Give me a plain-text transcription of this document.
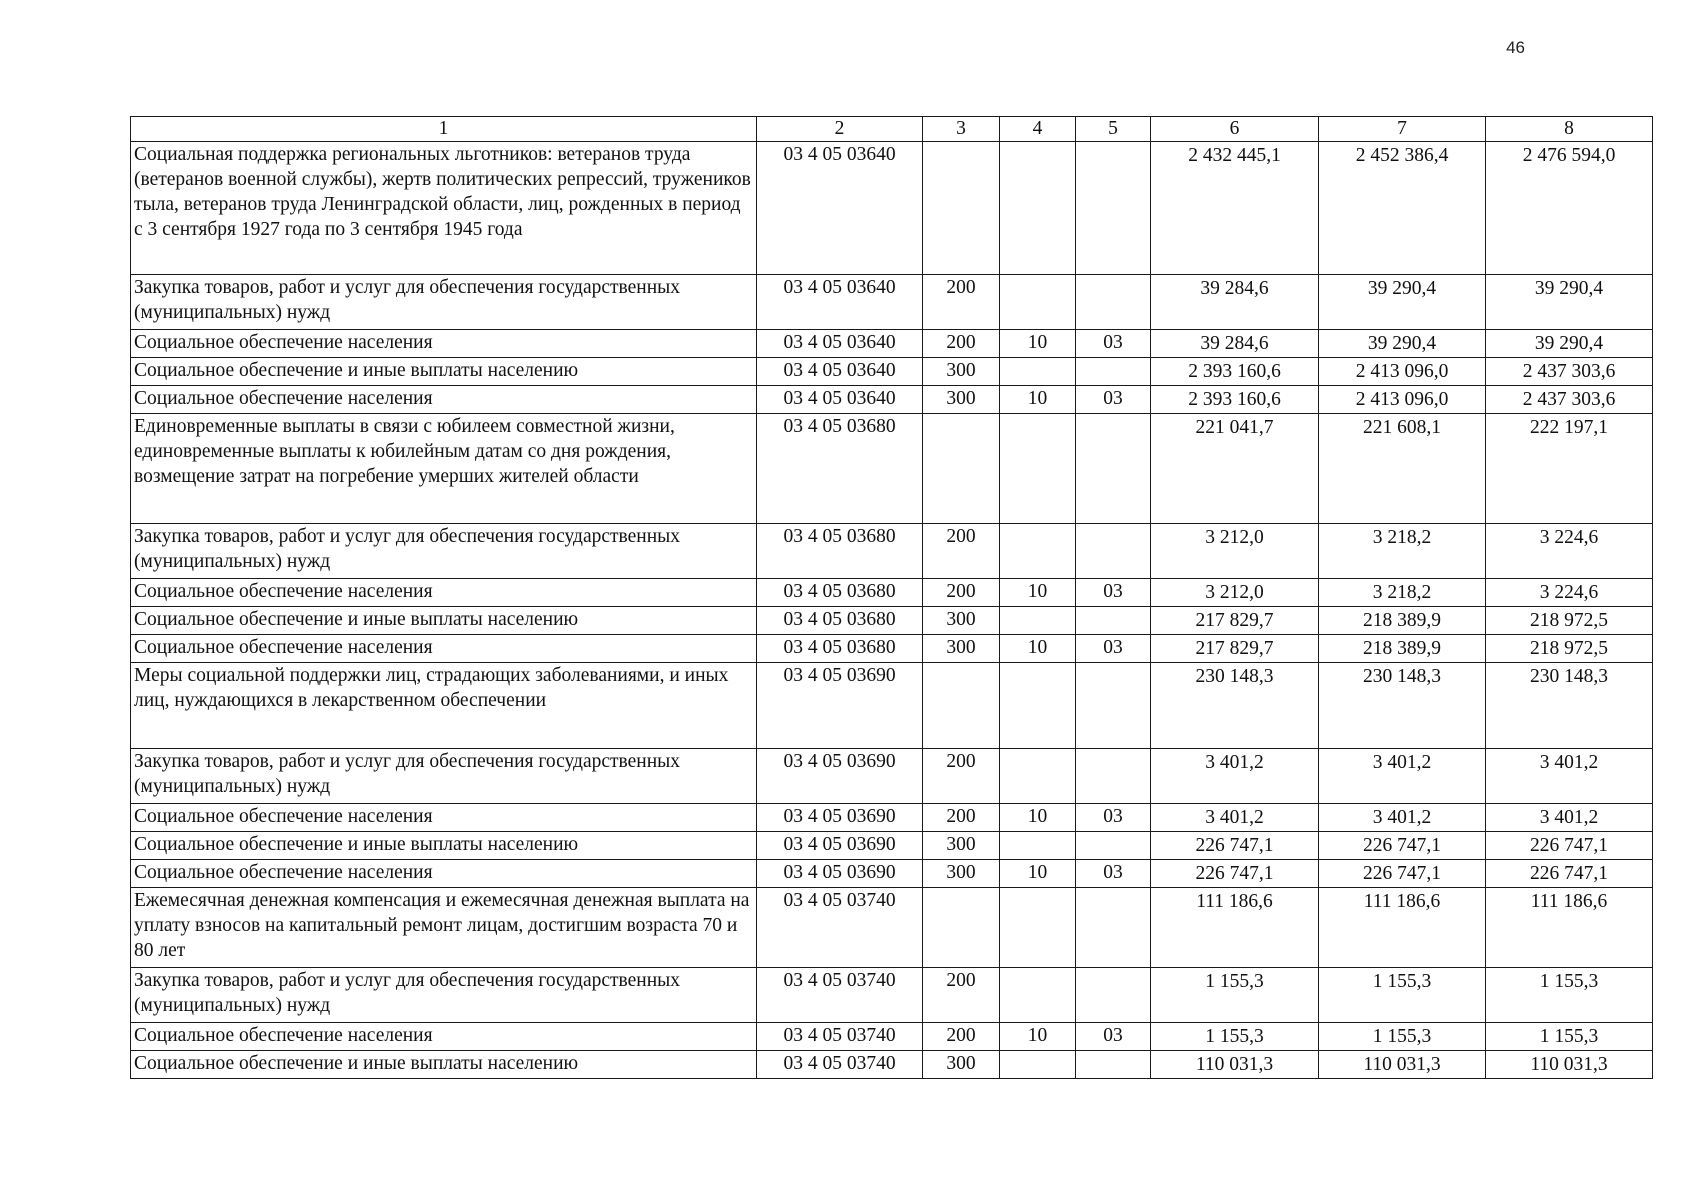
46
1	2	3	4	5	6	7	8
Социальная поддержка региональных льготников: ветеранов труда (ветеранов военной службы), жертв политических репрессий, тружеников тыла, ветеранов труда Ленинградской области, лиц, рожденных в период с 3 сентября 1927 года по 3 сентября 1945 года	03 4 05 03640				2 432 445,1	2 452 386,4	2 476 594,0
Закупка товаров, работ и услуг для обеспечения государственных (муниципальных) нужд	03 4 05 03640	200			39 284,6	39 290,4	39 290,4
Социальное обеспечение населения	03 4 05 03640	200	10	03	39 284,6	39 290,4	39 290,4
Социальное обеспечение и иные выплаты населению	03 4 05 03640	300			2 393 160,6	2 413 096,0	2 437 303,6
Социальное обеспечение населения	03 4 05 03640	300	10	03	2 393 160,6	2 413 096,0	2 437 303,6
Единовременные выплаты в связи с юбилеем совместной жизни, единовременные выплаты к юбилейным датам со дня рождения, возмещение затрат на погребение умерших жителей области	03 4 05 03680				221 041,7	221 608,1	222 197,1
Закупка товаров, работ и услуг для обеспечения государственных (муниципальных) нужд	03 4 05 03680	200			3 212,0	3 218,2	3 224,6
Социальное обеспечение населения	03 4 05 03680	200	10	03	3 212,0	3 218,2	3 224,6
Социальное обеспечение и иные выплаты населению	03 4 05 03680	300			217 829,7	218 389,9	218 972,5
Социальное обеспечение населения	03 4 05 03680	300	10	03	217 829,7	218 389,9	218 972,5
Меры социальной поддержки лиц, страдающих заболеваниями, и иных лиц, нуждающихся в лекарственном обеспечении	03 4 05 03690				230 148,3	230 148,3	230 148,3
Закупка товаров, работ и услуг для обеспечения государственных (муниципальных) нужд	03 4 05 03690	200			3 401,2	3 401,2	3 401,2
Социальное обеспечение населения	03 4 05 03690	200	10	03	3 401,2	3 401,2	3 401,2
Социальное обеспечение и иные выплаты населению	03 4 05 03690	300			226 747,1	226 747,1	226 747,1
Социальное обеспечение населения	03 4 05 03690	300	10	03	226 747,1	226 747,1	226 747,1
Ежемесячная денежная компенсация и ежемесячная денежная выплата на уплату взносов на капитальный ремонт лицам, достигшим возраста 70 и 80 лет	03 4 05 03740				111 186,6	111 186,6	111 186,6
Закупка товаров, работ и услуг для обеспечения государственных (муниципальных) нужд	03 4 05 03740	200			1 155,3	1 155,3	1 155,3
Социальное обеспечение населения	03 4 05 03740	200	10	03	1 155,3	1 155,3	1 155,3
Социальное обеспечение и иные выплаты населению	03 4 05 03740	300			110 031,3	110 031,3	110 031,3
